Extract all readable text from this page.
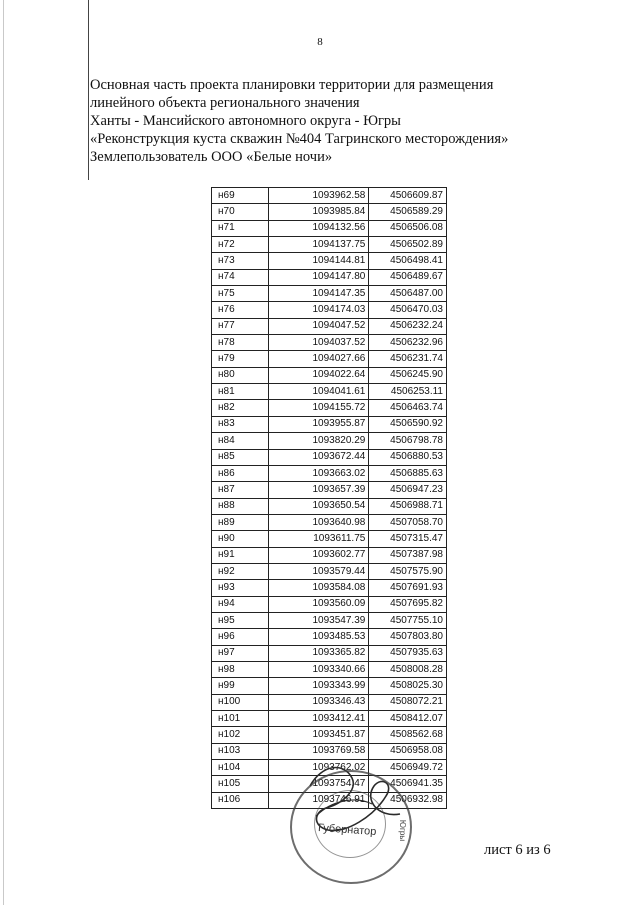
8
Основная часть проекта планировки территории для размещения
линейного объекта регионального значения
Ханты - Мансийского автономного округа - Югры
«Реконструкция куста скважин №404 Тагринского месторождения»
Землепользователь ООО «Белые ночи»
н69	1093962.58	4506609.87
н70	1093985.84	4506589.29
н71	1094132.56	4506506.08
н72	1094137.75	4506502.89
н73	1094144.81	4506498.41
н74	1094147.80	4506489.67
н75	1094147.35	4506487.00
н76	1094174.03	4506470.03
н77	1094047.52	4506232.24
н78	1094037.52	4506232.96
н79	1094027.66	4506231.74
н80	1094022.64	4506245.90
н81	1094041.61	4506253.11
н82	1094155.72	4506463.74
н83	1093955.87	4506590.92
н84	1093820.29	4506798.78
н85	1093672.44	4506880.53
н86	1093663.02	4506885.63
н87	1093657.39	4506947.23
н88	1093650.54	4506988.71
н89	1093640.98	4507058.70
н90	1093611.75	4507315.47
н91	1093602.77	4507387.98
н92	1093579.44	4507575.90
н93	1093584.08	4507691.93
н94	1093560.09	4507695.82
н95	1093547.39	4507755.10
н96	1093485.53	4507803.80
н97	1093365.82	4507935.63
н98	1093340.66	4508008.28
н99	1093343.99	4508025.30
н100	1093346.43	4508072.21
н101	1093412.41	4508412.07
н102	1093451.87	4508562.68
н103	1093769.58	4506958.08
н104	1093762.02	4506949.72
н105	1093754.47	4506941.35
н106	1093746.91	4506932.98
Губернатор	Югры
лист 6 из 6
